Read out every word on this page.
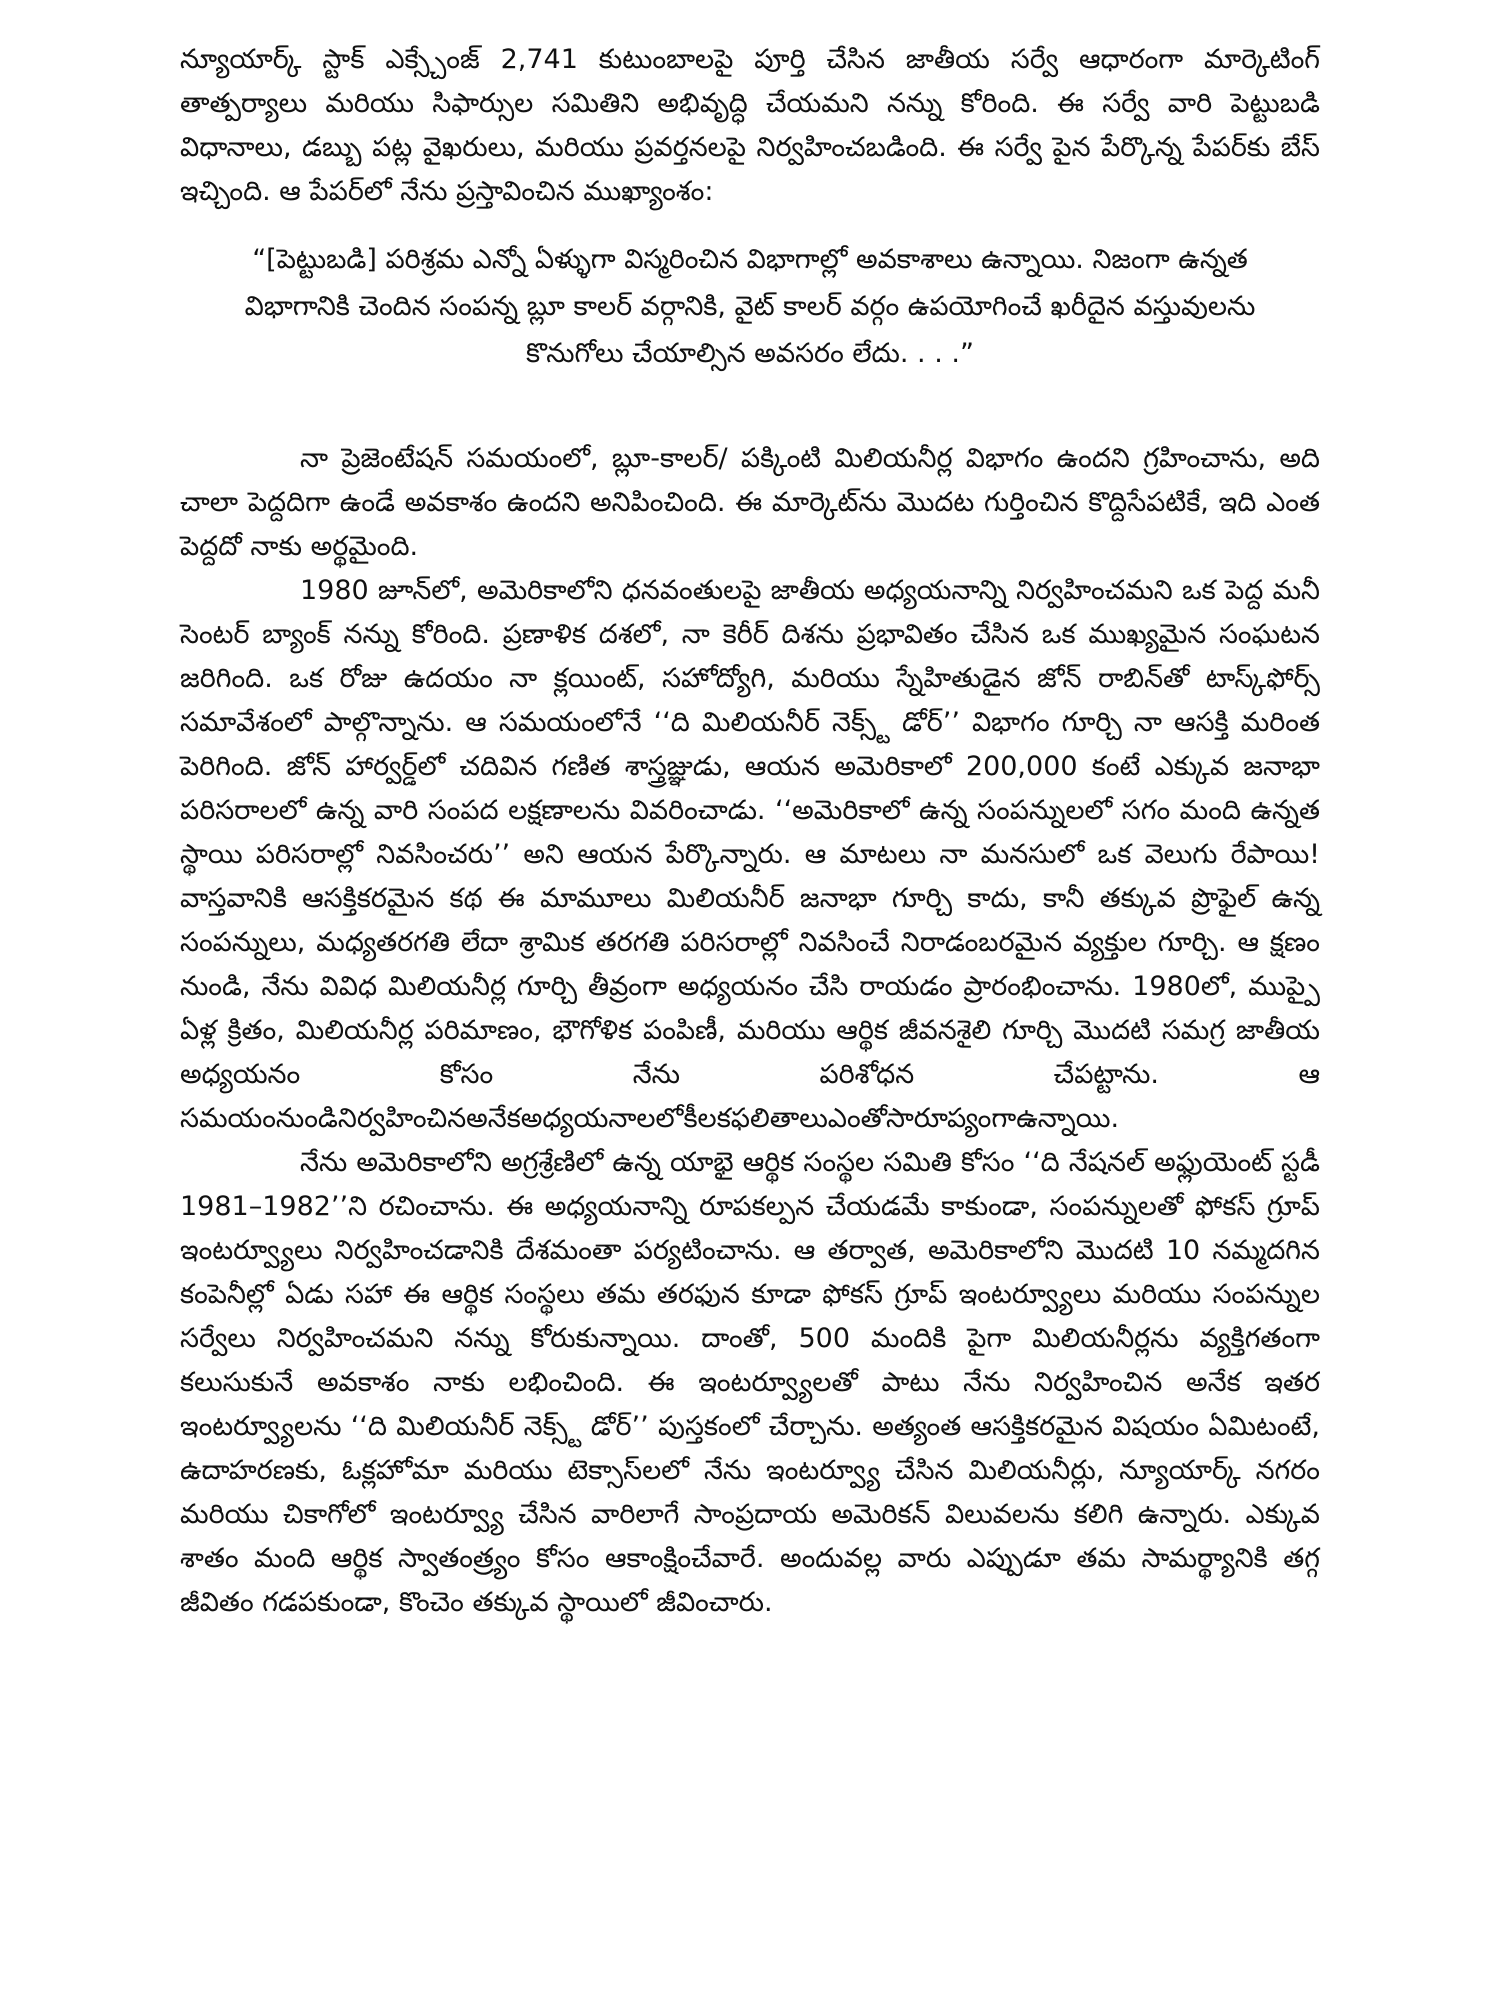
న్యూయార్క్ స్టాక్ ఎక్స్చేంజ్ 2,741 కుటుంబాలపై పూర్తి చేసిన జాతీయ సర్వే ఆధారంగా మార్కెటింగ్ తాత్పర్యాలు మరియు సిఫార్సుల సమితిని అభివృద్ధి చేయమని నన్ను కోరింది. ఈ సర్వే వారి పెట్టుబడి విధానాలు, డబ్బు పట్ల వైఖరులు, మరియు ప్రవర్తనలపై నిర్వహించబడింది. ఈ సర్వే పైన పేర్కొన్న పేపర్‌కు బేస్ ఇచ్చింది. ఆ పేపర్‌లో నేను ప్రస్తావించిన ముఖ్యాంశం:

“[పెట్టుబడి] పరిశ్రమ ఎన్నో ఏళ్ళుగా విస్మరించిన విభాగాల్లో అవకాశాలు ఉన్నాయి. నిజంగా ఉన్నత విభాగానికి చెందిన సంపన్న బ్లూ కాలర్ వర్గానికి, వైట్ కాలర్ వర్గం ఉపయోగించే ఖరీదైన వస్తువులను కొనుగోలు చేయాల్సిన అవసరం లేదు. . . .”

నా ప్రెజెంటేషన్ సమయంలో, బ్లూ-కాలర్/ పక్కింటి మిలియనీర్ల విభాగం ఉందని గ్రహించాను, అది చాలా పెద్దదిగా ఉండే అవకాశం ఉందని అనిపించింది. ఈ మార్కెట్‌ను మొదట గుర్తించిన కొద్దిసేపటికే, ఇది ఎంత పెద్దదో నాకు అర్థమైంది.

1980 జూన్‌లో, అమెరికాలోని ధనవంతులపై జాతీయ అధ్యయనాన్ని నిర్వహించమని ఒక పెద్ద మనీ సెంటర్ బ్యాంక్ నన్ను కోరింది. ప్రణాళిక దశలో, నా కెరీర్ దిశను ప్రభావితం చేసిన ఒక ముఖ్యమైన సంఘటన జరిగింది. ఒక రోజు ఉదయం నా క్లయింట్, సహోద్యోగి, మరియు స్నేహితుడైన జోన్ రాబిన్‌తో టాస్క్‌ఫోర్స్ సమావేశంలో పాల్గొన్నాను. ఆ సమయంలోనే ‘‘ది మిలియనీర్ నెక్స్ట్ డోర్’’ విభాగం గూర్చి నా ఆసక్తి మరింత పెరిగింది. జోన్ హార్వర్డ్‌లో చదివిన గణిత శాస్త్రజ్ఞుడు, ఆయన అమెరికాలో 200,000 కంటే ఎక్కువ జనాభా పరిసరాలలో ఉన్న వారి సంపద లక్షణాలను వివరించాడు. ‘‘అమెరికాలో ఉన్న సంపన్నులలో సగం మంది ఉన్నత స్థాయి పరిసరాల్లో నివసించరు’’ అని ఆయన పేర్కొన్నారు. ఆ మాటలు నా మనసులో ఒక వెలుగు రేపాయి! వాస్తవానికి ఆసక్తికరమైన కథ ఈ మామూలు మిలియనీర్ జనాభా గూర్చి కాదు, కానీ తక్కువ ప్రొఫైల్ ఉన్న సంపన్నులు, మధ్యతరగతి లేదా శ్రామిక తరగతి పరిసరాల్లో నివసించే నిరాడంబరమైన వ్యక్తుల గూర్చి. ఆ క్షణం నుండి, నేను వివిధ మిలియనీర్ల గూర్చి తీవ్రంగా అధ్యయనం చేసి రాయడం ప్రారంభించాను. 1980లో, ముప్పై ఏళ్ల క్రితం, మిలియనీర్ల పరిమాణం, భౌగోళిక పంపిణీ, మరియు ఆర్థిక జీవనశైలి గూర్చి మొదటి సమగ్ర జాతీయ అధ్యయనం కోసం నేను పరిశోధన చేపట్టాను. ఆ సమయంనుండినిర్వహించినఅనేకఅధ్యయనాలలోకీలకఫలితాలుఎంతోసారూప్యంగాఉన్నాయి.

నేను అమెరికాలోని అగ్రశ్రేణిలో ఉన్న యాభై ఆర్థిక సంస్థల సమితి కోసం ‘‘ది నేషనల్ అఫ్లుయెంట్ స్టడీ 1981–1982’’ని రచించాను. ఈ అధ్యయనాన్ని రూపకల్పన చేయడమే కాకుండా, సంపన్నులతో ఫోకస్ గ్రూప్ ఇంటర్వ్యూలు నిర్వహించడానికి దేశమంతా పర్యటించాను. ఆ తర్వాత, అమెరికాలోని మొదటి 10 నమ్మదగిన కంపెనీల్లో ఏడు సహా ఈ ఆర్థిక సంస్థలు తమ తరఫున కూడా ఫోకస్ గ్రూప్ ఇంటర్వ్యూలు మరియు సంపన్నుల సర్వేలు నిర్వహించమని నన్ను కోరుకున్నాయి. దాంతో, 500 మందికి పైగా మిలియనీర్లను వ్యక్తిగతంగా కలుసుకునే అవకాశం నాకు లభించింది. ఈ ఇంటర్వ్యూలతో పాటు నేను నిర్వహించిన అనేక ఇతర ఇంటర్వ్యూలను ‘‘ది మిలియనీర్ నెక్స్ట్ డోర్’’ పుస్తకంలో చేర్చాను. అత్యంత ఆసక్తికరమైన విషయం ఏమిటంటే, ఉదాహరణకు, ఓక్లహోమా మరియు టెక్సాస్‌లలో నేను ఇంటర్వ్యూ చేసిన మిలియనీర్లు, న్యూయార్క్ నగరం మరియు చికాగోలో ఇంటర్వ్యూ చేసిన వారిలాగే సాంప్రదాయ అమెరికన్ విలువలను కలిగి ఉన్నారు. ఎక్కువ శాతం మంది ఆర్థిక స్వాతంత్ర్యం కోసం ఆకాంక్షించేవారే. అందువల్ల వారు ఎప్పుడూ తమ సామర్థ్యానికి తగ్గ జీవితం గడపకుండా, కొంచెం తక్కువ స్థాయిలో జీవించారు.
